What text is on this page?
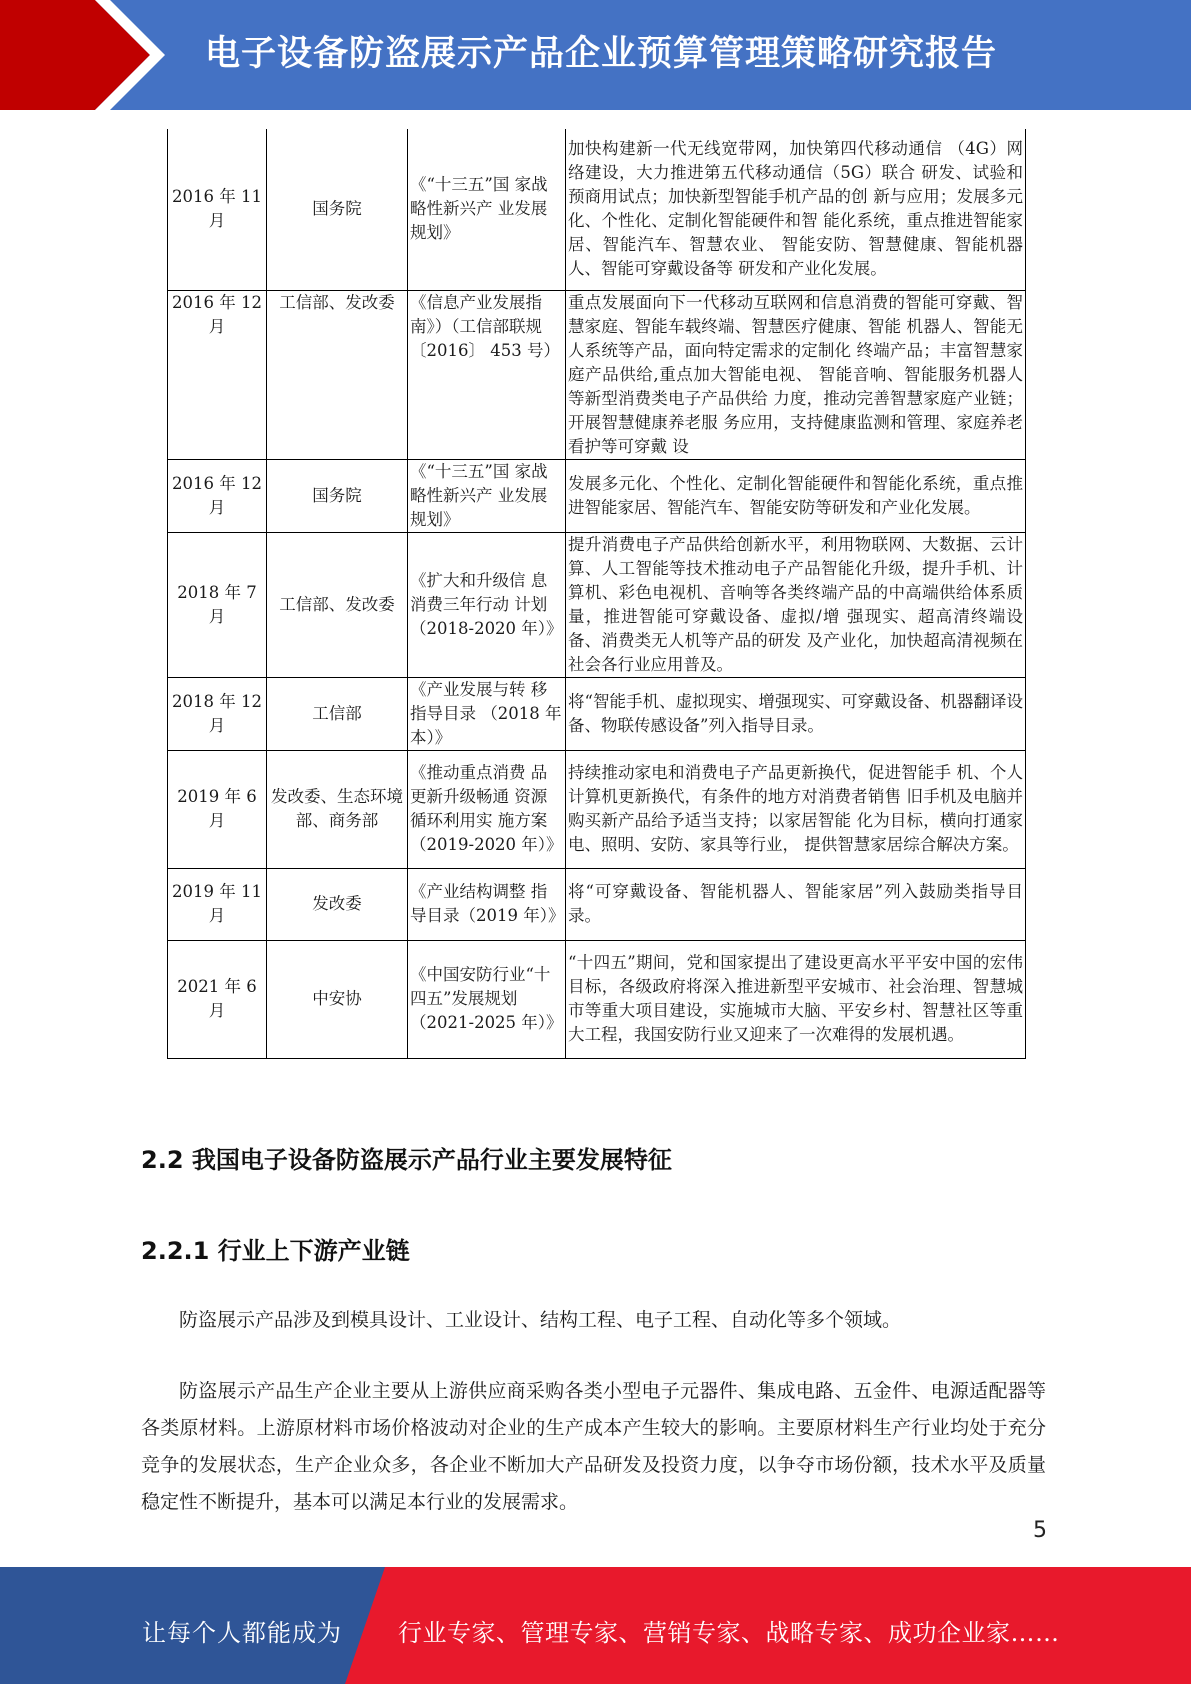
电子设备防盗展示产品企业预算管理策略研究报告
2016 年 11 月	国务院	《“十三五”国 家战略性新兴产 业发展规划》	加快构建新一代无线宽带网，加快第四代移动通信 （4G）网络建设，大力推进第五代移动通信（5G）联合 研发、试验和预商用试点；加快新型智能手机产品的创 新与应用；发展多元化、个性化、定制化智能硬件和智 能化系统，重点推进智能家居、智能汽车、智慧农业、 智能安防、智慧健康、智能机器人、智能可穿戴设备等 研发和产业化发展。
2016 年 12 月	工信部、发改委	《信息产业发展指南》）（工信部联规〔2016〕 453 号）	重点发展面向下一代移动互联网和信息消费的智能可穿戴、智慧家庭、智能车载终端、智慧医疗健康、智能 机器人、智能无人系统等产品，面向特定需求的定制化 终端产品；丰富智慧家庭产品供给,重点加大智能电视、 智能音响、智能服务机器人等新型消费类电子产品供给 力度，推动完善智慧家庭产业链；开展智慧健康养老服 务应用，支持健康监测和管理、家庭养老看护等可穿戴 设
2016 年 12 月	国务院	《“十三五”国 家战略性新兴产 业发展规划》	发展多元化、个性化、定制化智能硬件和智能化系统，重点推进智能家居、智能汽车、智能安防等研发和产业化发展。
2018 年 7 月	工信部、发改委	《扩大和升级信 息消费三年行动 计划（2018-2020 年）》	提升消费电子产品供给创新水平，利用物联网、大数据、云计算、人工智能等技术推动电子产品智能化升级，提升手机、计算机、彩色电视机、音响等各类终端产品的中高端供给体系质量，推进智能可穿戴设备、虚拟/增 强现实、超高清终端设备、消费类无人机等产品的研发 及产业化，加快超高清视频在社会各行业应用普及。
2018 年 12 月	工信部	《产业发展与转 移指导目录 （2018 年本）》	将“智能手机、虚拟现实、增强现实、可穿戴设备、机器翻译设备、物联传感设备”列入指导目录。
2019 年 6 月	发改委、生态环境部、商务部	《推动重点消费 品更新升级畅通 资源循环利用实 施方案（2019-2020 年）》	持续推动家电和消费电子产品更新换代，促进智能手 机、个人计算机更新换代，有条件的地方对消费者销售 旧手机及电脑并购买新产品给予适当支持；以家居智能 化为目标，横向打通家电、照明、安防、家具等行业， 提供智慧家居综合解决方案。
2019 年 11 月	发改委	《产业结构调整 指导目录（2019 年）》	将“可穿戴设备、智能机器人、智能家居”列入鼓励类指导目录。
2021 年 6 月	中安协	《中国安防行业“十四五”发展规划（2021-2025 年）》	“十四五”期间，党和国家提出了建设更高水平平安中国的宏伟目标，各级政府将深入推进新型平安城市、社会治理、智慧城市等重大项目建设，实施城市大脑、平安乡村、智慧社区等重大工程，我国安防行业又迎来了一次难得的发展机遇。
2.2 我国电子设备防盗展示产品行业主要发展特征
2.2.1 行业上下游产业链
防盗展示产品涉及到模具设计、工业设计、结构工程、电子工程、自动化等多个领域。
防盗展示产品生产企业主要从上游供应商采购各类小型电子元器件、集成电路、五金件、电源适配器等各类原材料。上游原材料市场价格波动对企业的生产成本产生较大的影响。主要原材料生产行业均处于充分竞争的发展状态，生产企业众多，各企业不断加大产品研发及投资力度，以争夺市场份额，技术水平及质量稳定性不断提升，基本可以满足本行业的发展需求。
5
让每个人都能成为 行业专家、管理专家、营销专家、战略专家、成功企业家……
